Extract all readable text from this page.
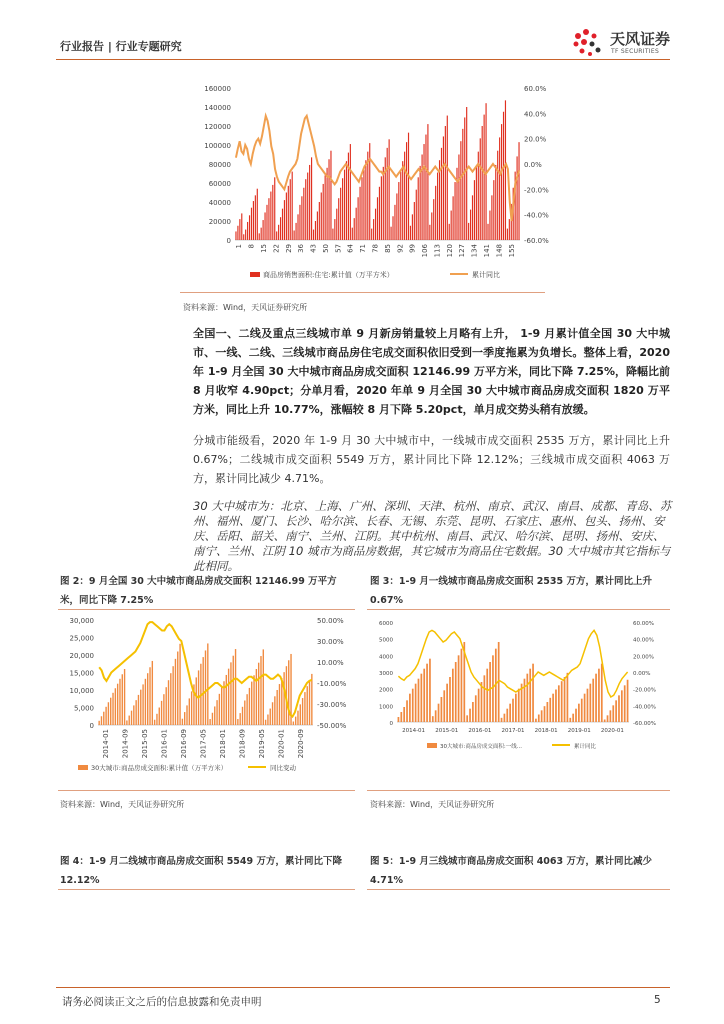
行业报告 | 行业专题研究	天风证券
TF SECURITIES
0
20000
40000
60000
80000
100000
120000
140000
160000
-60.0%
-40.0%
-20.0%
0.0%
20.0%
40.0%
60.0%
1 8 15 22 29 36 43 50 57 64 71 78 85 92 99 106 113 120 127 134 141 148 155
商品房销售面积:住宅:累计值（万平方米）	累计同比
资料来源：Wind，天风证券研究所
全国一、二线及重点三线城市单 9 月新房销量较上月略有上升， 1-9 月累计值全国 30 大中城市、一线、二线、三线城市商品房住宅成交面积依旧受到一季度拖累为负增长。整体上看，2020 年 1-9 月全国 30 大中城市商品房成交面积 12146.99 万平方米，同比下降 7.25%，降幅比前 8 月收窄 4.90pct；分单月看，2020 年单 9 月全国 30 大中城市商品房成交面积 1820 万平方米，同比上升 10.77%，涨幅较 8 月下降 5.20pct，单月成交势头稍有放缓。
分城市能级看，2020 年 1-9 月 30 大中城市中，一线城市成交面积 2535 万方，累计同比上升 0.67%；二线城市成交面积 5549 万方，累计同比下降 12.12%；三线城市成交面积 4063 万方，累计同比减少 4.71%。
30 大中城市为：北京、上海、广州、深圳、天津、杭州、南京、武汉、南昌、成都、青岛、苏州、福州、厦门、长沙、哈尔滨、长春、无锡、东莞、昆明、石家庄、惠州、包头、扬州、安庆、岳阳、韶关、南宁、兰州、江阴。其中杭州、南昌、武汉、哈尔滨、昆明、扬州、安庆、南宁、兰州、江阴 10 城市为商品房数据，其它城市为商品住宅数据。30 大中城市其它指标与此相同。
图 2：9 月全国 30 大中城市商品房成交面积 12146.99 万平方米，同比下降 7.25%
图 3：1-9 月一线城市商品房成交面积 2535 万方，累计同比上升 0.67%
0
5,000
10,000
15,000
20,000
25,000
30,000
-50.00%
-30.00%
-10.00%
10.00%
30.00%
50.00%
2014-01 2014-09 2015-05 2016-01 2016-09 2017-05 2018-01 2018-09 2019-05 2020-01 2020-09
30大城市:商品房成交面积:累计值（万平方米）	同比变动
0
1000
2000
3000
4000
5000
6000
-60.00%
-40.00%
-20.00%
0.00%
20.00%
40.00%
60.00%
2014-01 2015-01 2016-01 2017-01 2018-01 2019-01 2020-01
30大城市:商品房成交面积:一线...	累计同比
资料来源：Wind，天风证券研究所	资料来源：Wind，天风证券研究所
图 4：1-9 月二线城市商品房成交面积 5549 万方，累计同比下降 12.12%
图 5：1-9 月三线城市商品房成交面积 4063 万方，累计同比减少 4.71%
请务必阅读正文之后的信息披露和免责申明	5
